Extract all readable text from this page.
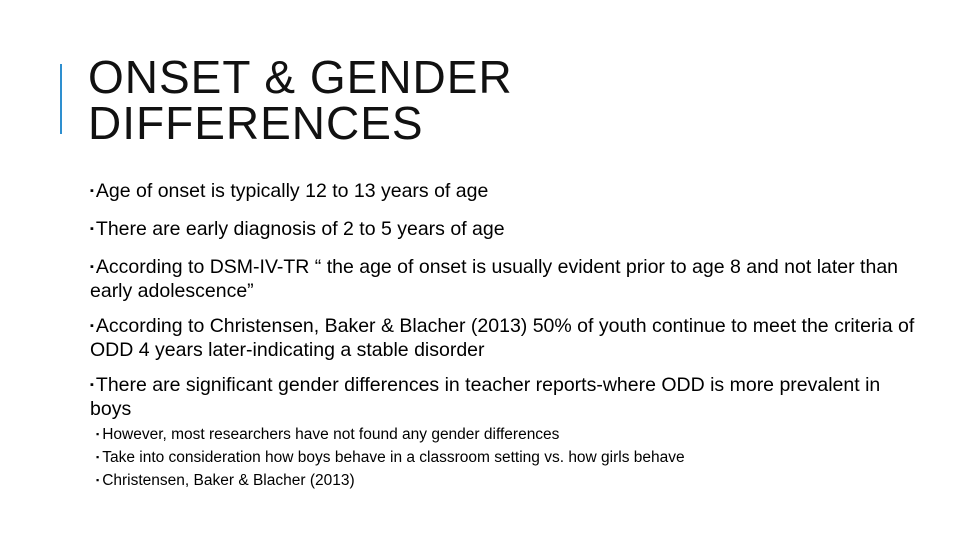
ONSET & GENDER
DIFFERENCES
▪ Age of onset is typically 12 to 13 years of age
▪ There are early diagnosis of 2 to 5 years of age
▪ According to DSM-IV-TR “ the age of onset is usually evident prior to age 8 and not later than early adolescence”
▪ According to Christensen, Baker & Blacher (2013) 50% of youth continue to meet the criteria of ODD 4 years later-indicating a stable disorder
▪ There are significant gender differences in teacher reports-where ODD is more prevalent in boys
▪ However, most researchers have not found any gender differences
▪ Take into consideration how boys behave in a classroom setting vs. how girls behave
▪ Christensen, Baker & Blacher (2013)
